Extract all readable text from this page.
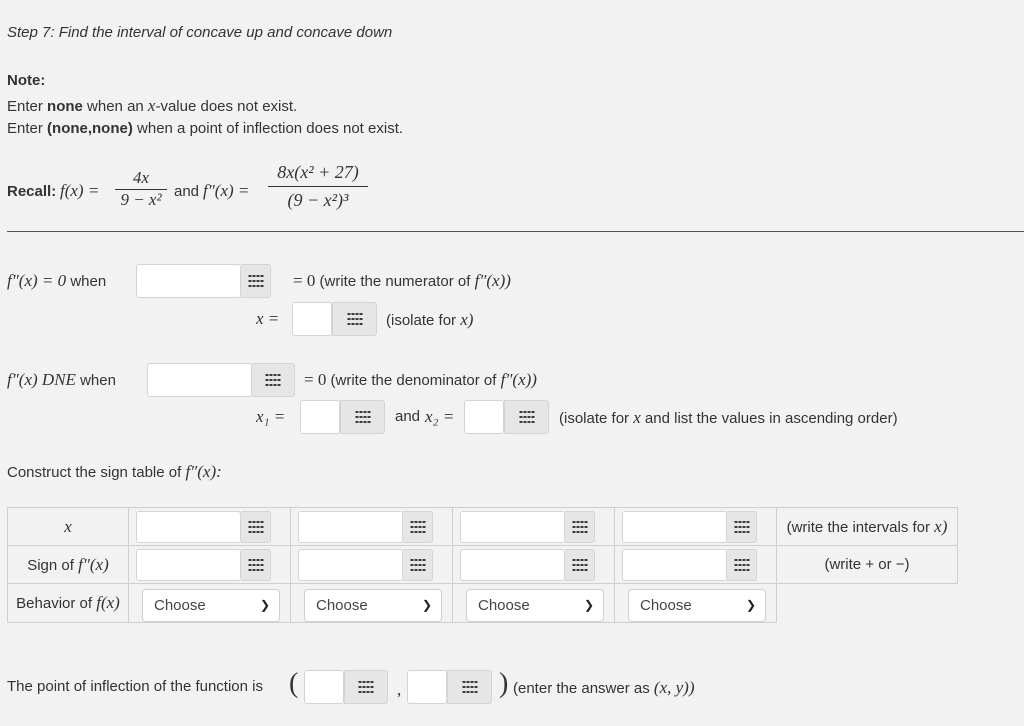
Step 7: Find the interval of concave up and concave down
Note:
Enter none when an x-value does not exist.
Enter (none,none) when a point of inflection does not exist.
Recall: f(x) =
4x
9 − x² and f″(x) =
8x(x² + 27)
(9 − x²)³
f″(x) = 0 when	= 0 (write the numerator of f″(x))
x =	(isolate for x)
f″(x) DNE when	= 0 (write the denominator of f″(x))
x₁ =	and x₂ =	(isolate for x and list the values in ascending order)
Construct the sign table of f″(x):
x					(write the intervals for x)
Sign of f″(x)					(write + or −)
Behavior of f(x)	Choose ❯	Choose ❯	Choose ❯	Choose ❯	

The point of inflection of the function is (	,	) (enter the answer as (x, y))
